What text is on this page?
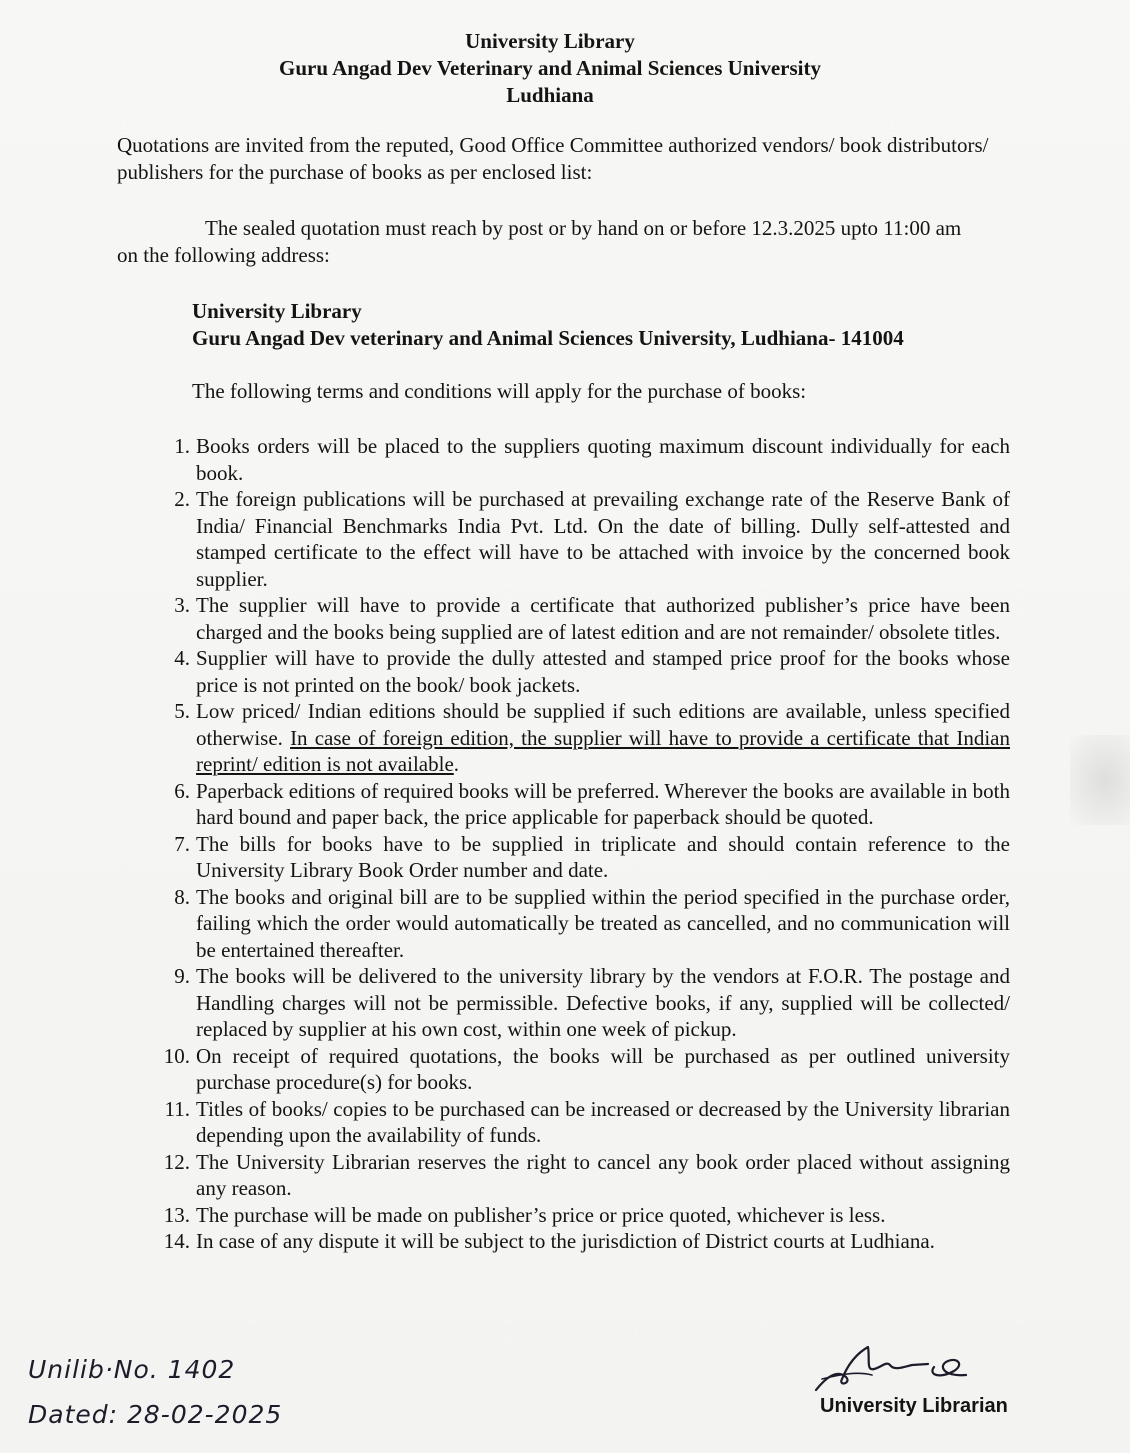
University Library
Guru Angad Dev Veterinary and Animal Sciences University
Ludhiana
Quotations are invited from the reputed, Good Office Committee authorized vendors/ book distributors/ publishers for the purchase of books as per enclosed list:
The sealed quotation must reach by post or by hand on or before 12.3.2025 upto 11:00 am on the following address:
University Library
Guru Angad Dev veterinary and Animal Sciences University, Ludhiana- 141004
The following terms and conditions will apply for the purchase of books:
1. Books orders will be placed to the suppliers quoting maximum discount individually for each book.
2. The foreign publications will be purchased at prevailing exchange rate of the Reserve Bank of India/ Financial Benchmarks India Pvt. Ltd. On the date of billing. Dully self-attested and stamped certificate to the effect will have to be attached with invoice by the concerned book supplier.
3. The supplier will have to provide a certificate that authorized publisher’s price have been charged and the books being supplied are of latest edition and are not remainder/ obsolete titles.
4. Supplier will have to provide the dully attested and stamped price proof for the books whose price is not printed on the book/ book jackets.
5. Low priced/ Indian editions should be supplied if such editions are available, unless specified otherwise. In case of foreign edition, the supplier will have to provide a certificate that Indian reprint/ edition is not available.
6. Paperback editions of required books will be preferred. Wherever the books are available in both hard bound and paper back, the price applicable for paperback should be quoted.
7. The bills for books have to be supplied in triplicate and should contain reference to the University Library Book Order number and date.
8. The books and original bill are to be supplied within the period specified in the purchase order, failing which the order would automatically be treated as cancelled, and no communication will be entertained thereafter.
9. The books will be delivered to the university library by the vendors at F.O.R. The postage and Handling charges will not be permissible. Defective books, if any, supplied will be collected/ replaced by supplier at his own cost, within one week of pickup.
10. On receipt of required quotations, the books will be purchased as per outlined university purchase procedure(s) for books.
11. Titles of books/ copies to be purchased can be increased or decreased by the University librarian depending upon the availability of funds.
12. The University Librarian reserves the right to cancel any book order placed without assigning any reason.
13. The purchase will be made on publisher’s price or price quoted, whichever is less.
14. In case of any dispute it will be subject to the jurisdiction of District courts at Ludhiana.
Unilib·No. 1402
Dated: 28-02-2025	University Librarian
